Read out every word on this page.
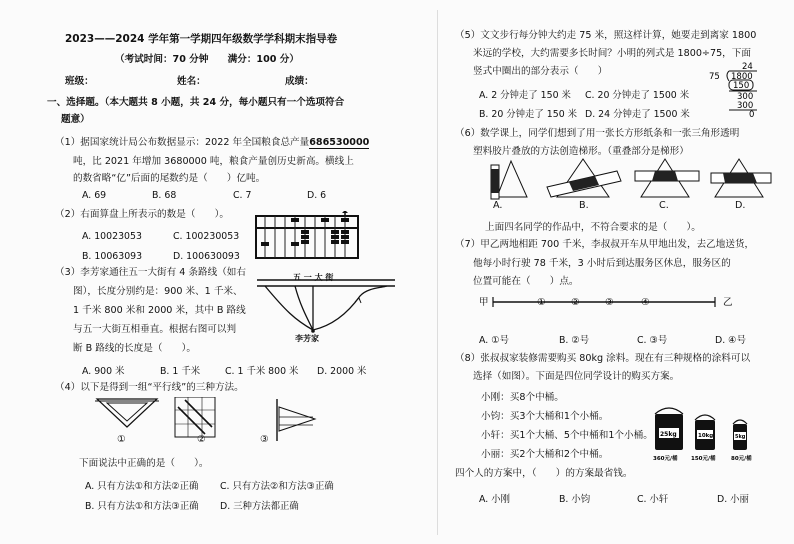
2023——2024 学年第一学期四年级数学学科期末指导卷
（考试时间：70 分钟　　满分：100 分）
班级：	姓名：	成绩：
一、选择题。（本大题共 8 小题，共 24 分，每小题只有一个选项符合
题意）
（1）据国家统计局公布数据显示：2022 年全国粮食总产量686530000
吨，比 2021 年增加 3680000 吨，粮食产量创历史新高。横线上
的数省略“亿”后面的尾数约是（　　）亿吨。
A. 69	B. 68	C. 7	D. 6
（2）右面算盘上所表示的数是（　　）。
A. 10023053	C. 100230053
B. 10063093	D. 100630093
（3）李芳家通往五一大街有 4 条路线（如右
图），长度分别约是：900 米、1 千米、
1 千米 800 米和 2000 米，其中 B 路线
与五一大街互相垂直。根据右图可以判
断 B 路线的长度是（　　）。
A. 900 米	B. 1 千米	C. 1 千米 800 米 D. 2000 米
五 一 大 街
李芳家
（4）以下是得到一组“平行线”的三种方法。
①	②	③
下面说法中正确的是（　　）。
A. 只有方法①和方法②正确 C. 只有方法②和方法③正确
B. 只有方法①和方法③正确 D. 三种方法都正确
（5）文文步行每分钟大约走 75 米，照这样计算，她要走到离家 1800
米远的学校，大约需要多长时间？小明的列式是 1800÷75，下面
竖式中圈出的部分表示（　　）	24
75 1800
150
300
300
0
A. 2 分钟走了 150 米 C. 20 分钟走了 1500 米
B. 20 分钟走了 150 米 D. 24 分钟走了 1500 米
（6）数学课上，同学们想到了用一张长方形纸条和一张三角形透明
塑料胶片叠放的方法创造梯形。（重叠部分是梯形）
A.	B.	C.	D.
上面四名同学的作品中，不符合要求的是（　　）。
（7）甲乙两地相距 700 千米，李叔叔开车从甲地出发，去乙地送货，
他每小时行驶 78 千米，3 小时后到达服务区休息，服务区的
位置可能在（　　）点。
甲	①	②	③	④	乙
A. ①号	B. ②号	C. ③号	D. ④号
（8）张叔叔家装修需要购买 80kg 涂料。现在有三种规格的涂料可以
选择（如图）。下面是四位同学设计的购买方案。
小刚：买8个中桶。
小钧：买3个大桶和1个小桶。
小轩：买1个大桶、5个中桶和1个小桶。
小丽：买2个大桶和2个中桶。
四个人的方案中，（　　）的方案最省钱。
25kg
360元/桶
10kg
150元/桶
5kg
80元/桶
A. 小刚	B. 小钧	C. 小轩	D. 小丽
